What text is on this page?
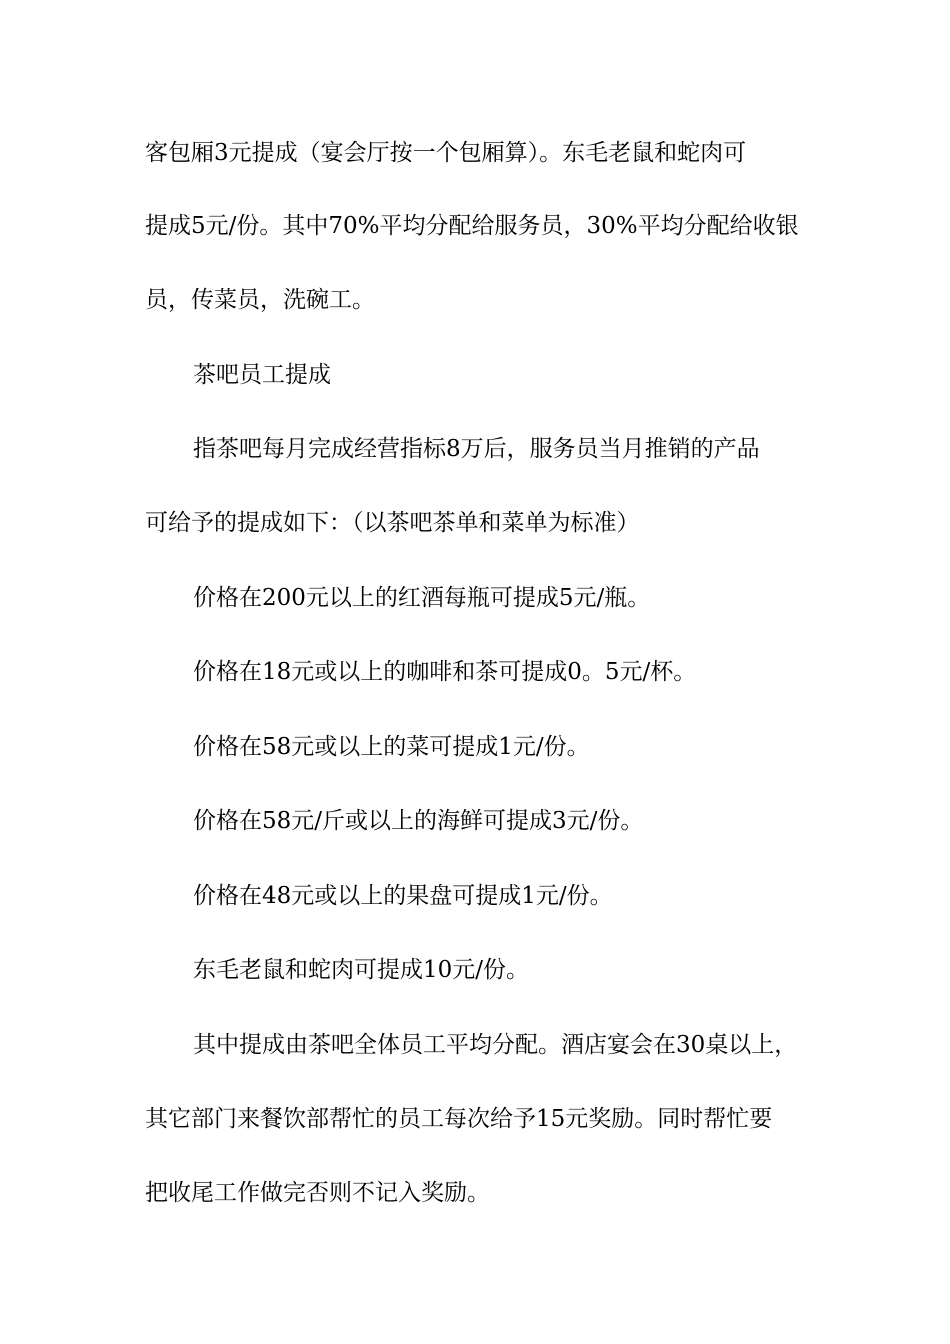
客包厢3元提成（宴会厅按一个包厢算）。东毛老鼠和蛇肉可
提成5元/份。其中70%平均分配给服务员，30%平均分配给收银
员，传菜员，洗碗工。
茶吧员工提成
指茶吧每月完成经营指标8万后，服务员当月推销的产品
可给予的提成如下：（以茶吧茶单和菜单为标准）
价格在200元以上的红酒每瓶可提成5元/瓶。
价格在18元或以上的咖啡和茶可提成0。5元/杯。
价格在58元或以上的菜可提成1元/份。
价格在58元/斤或以上的海鲜可提成3元/份。
价格在48元或以上的果盘可提成1元/份。
东毛老鼠和蛇肉可提成10元/份。
其中提成由茶吧全体员工平均分配。酒店宴会在30桌以上，
其它部门来餐饮部帮忙的员工每次给予15元奖励。同时帮忙要
把收尾工作做完否则不记入奖励。
